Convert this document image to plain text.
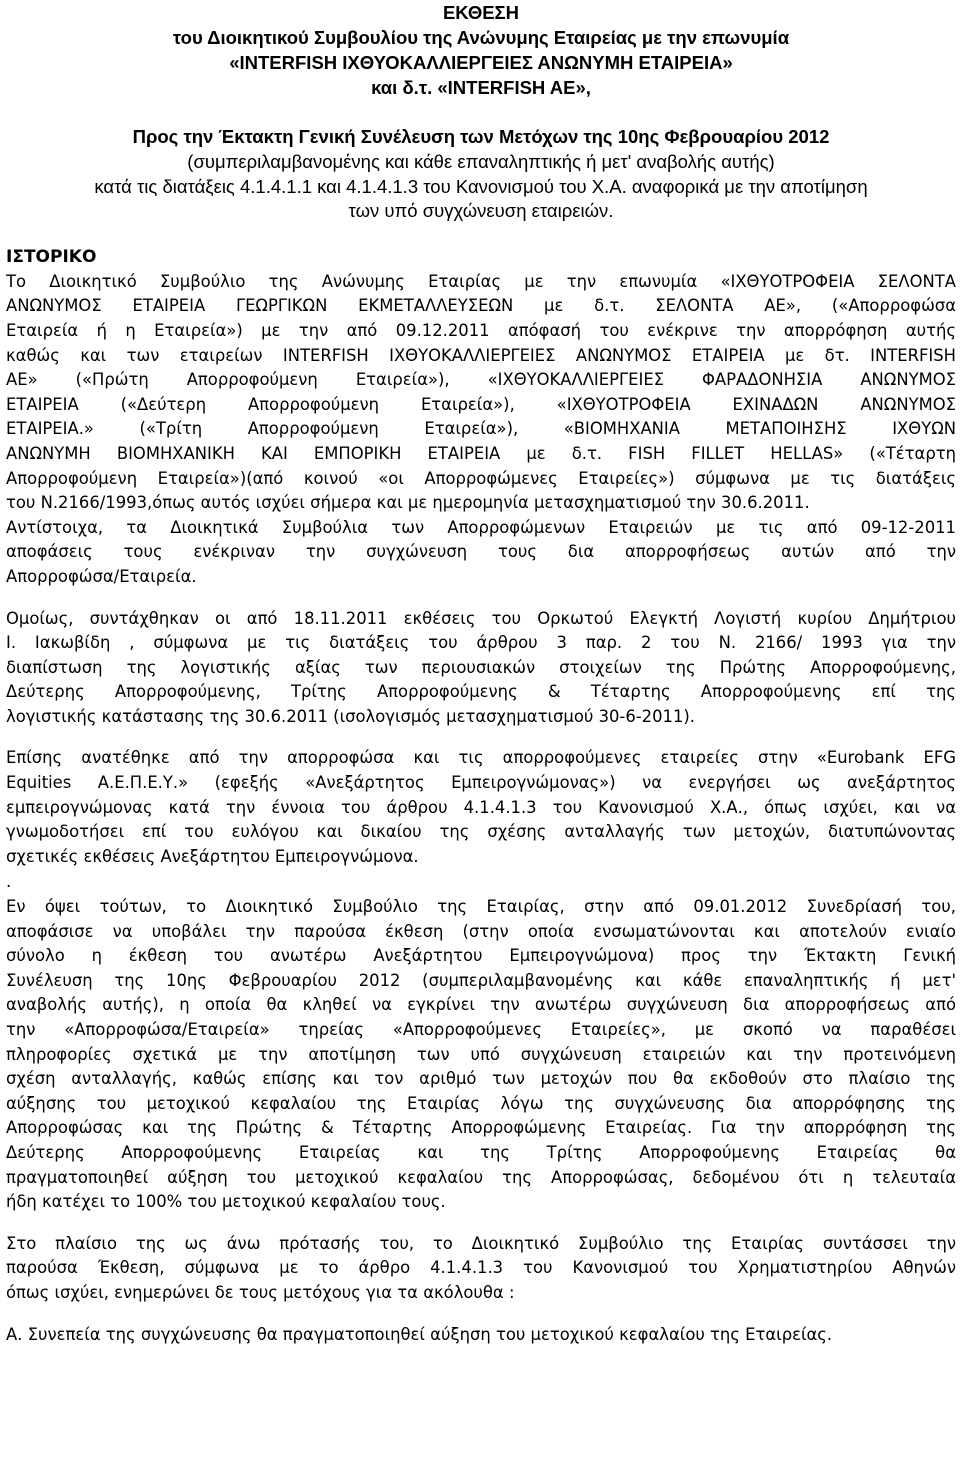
ΕΚΘΕΣΗ
του Διοικητικού Συμβουλίου της Ανώνυμης Εταιρείας με την επωνυμία
«INTERFISH ΙΧΘΥΟΚΑΛΛΙΕΡΓΕΙΕΣ ΑΝΩΝΥΜΗ ΕΤΑΙΡΕΙΑ»
και δ.τ. «INTERFISH AE»,
Προς την Έκτακτη Γενική Συνέλευση των Μετόχων της 10ης Φεβρουαρίου 2012
(συμπεριλαμβανομένης και κάθε επαναληπτικής ή μετ' αναβολής αυτής)
κατά τις διατάξεις 4.1.4.1.1 και 4.1.4.1.3 του Κανονισμού του Χ.Α. αναφορικά με την αποτίμηση
των υπό συγχώνευση εταιρειών.
ΙΣΤΟΡΙΚΟ
Το Διοικητικό Συμβούλιο της Ανώνυμης Εταιρίας με την επωνυμία «ΙΧΘΥΟΤΡΟΦΕΙΑ ΣΕΛΟΝΤΑ
ΑΝΩΝΥΜΟΣ ΕΤΑΙΡΕΙΑ ΓΕΩΡΓΙΚΩΝ ΕΚΜΕΤΑΛΛΕΥΣΕΩΝ με δ.τ. ΣΕΛΟΝΤΑ ΑΕ», («Απορροφώσα
Εταιρεία ή η Εταιρεία») με την από 09.12.2011 απόφασή του ενέκρινε την απορρόφηση αυτής
καθώς και των εταιρείων INTERFISH ΙΧΘΥΟΚΑΛΛΙΕΡΓΕΙΕΣ ΑΝΩΝΥΜΟΣ ΕΤΑΙΡΕΙΑ με δτ. INTERFISH
ΑΕ» («Πρώτη Απορροφούμενη Εταιρεία»), «ΙΧΘΥΟΚΑΛΛΙΕΡΓΕΙΕΣ ΦΑΡΑΔΟΝΗΣΙΑ ΑΝΩΝΥΜΟΣ
ΕΤΑΙΡΕΙΑ («Δεύτερη Απορροφούμενη Εταιρεία»), «ΙΧΘΥΟΤΡΟΦΕΙΑ ΕΧΙΝΑΔΩΝ ΑΝΩΝΥΜΟΣ
ΕΤΑΙΡΕΙΑ.» («Τρίτη Απορροφούμενη Εταιρεία»), «ΒΙΟΜΗΧΑΝΙΑ ΜΕΤΑΠΟΙΗΣΗΣ ΙΧΘΥΩΝ
ΑΝΩΝΥΜΗ ΒΙΟΜΗΧΑΝΙΚΗ ΚΑΙ ΕΜΠΟΡΙΚΗ ΕΤΑΙΡΕΙΑ με δ.τ. FISH FILLET HELLAS» («Τέταρτη
Απορροφούμενη Εταιρεία»)(από κοινού «οι Απορροφώμενες Εταιρείες») σύμφωνα με τις διατάξεις
του Ν.2166/1993,όπως αυτός ισχύει σήμερα και με ημερομηνία μετασχηματισμού την 30.6.2011.
Αντίστοιχα, τα Διοικητικά Συμβούλια των Απορροφώμενων Εταιρειών με τις από 09-12-2011
αποφάσεις τους ενέκριναν την συγχώνευση τους δια απορροφήσεως αυτών από την
Απορροφώσα/Εταιρεία.
Ομοίως, συντάχθηκαν οι από 18.11.2011 εκθέσεις του Ορκωτού Ελεγκτή Λογιστή κυρίου Δημήτριου
Ι. Ιακωβίδη , σύμφωνα με τις διατάξεις του άρθρου 3 παρ. 2 του Ν. 2166/ 1993 για την
διαπίστωση της λογιστικής αξίας των περιουσιακών στοιχείων της Πρώτης Απορροφούμενης,
Δεύτερης Απορροφούμενης, Τρίτης Απορροφούμενης & Τέταρτης Απορροφούμενης επί της
λογιστικής κατάστασης της 30.6.2011 (ισολογισμός μετασχηματισμού 30-6-2011).
Επίσης ανατέθηκε από την απορροφώσα και τις απορροφούμενες εταιρείες στην «Eurobank EFG
Equities Α.Ε.Π.Ε.Υ.» (εφεξής «Ανεξάρτητος Εμπειρογνώμονας») να ενεργήσει ως ανεξάρτητος
εμπειρογνώμονας κατά την έννοια του άρθρου 4.1.4.1.3 του Κανονισμού Χ.Α., όπως ισχύει, και να
γνωμοδοτήσει επί του ευλόγου και δικαίου της σχέσης ανταλλαγής των μετοχών, διατυπώνοντας
σχετικές εκθέσεις Ανεξάρτητου Εμπειρογνώμονα.
.
Εν όψει τούτων, το Διοικητικό Συμβούλιο της Εταιρίας, στην από 09.01.2012 Συνεδρίασή του,
αποφάσισε να υποβάλει την παρούσα έκθεση (στην οποία ενσωματώνονται και αποτελούν ενιαίο
σύνολο η έκθεση του ανωτέρω Ανεξάρτητου Εμπειρογνώμονα) προς την Έκτακτη Γενική
Συνέλευση της 10ης Φεβρουαρίου 2012 (συμπεριλαμβανομένης και κάθε επαναληπτικής ή μετ'
αναβολής αυτής), η οποία θα κληθεί να εγκρίνει την ανωτέρω συγχώνευση δια απορροφήσεως από
την «Απορροφώσα/Εταιρεία» τηρείας «Απορροφούμενες Εταιρείες», με σκοπό να παραθέσει
πληροφορίες σχετικά με την αποτίμηση των υπό συγχώνευση εταιρειών και την προτεινόμενη
σχέση ανταλλαγής, καθώς επίσης και τον αριθμό των μετοχών που θα εκδοθούν στο πλαίσιο της
αύξησης του μετοχικού κεφαλαίου της Εταιρίας λόγω της συγχώνευσης δια απορρόφησης της
Απορροφώσας και της Πρώτης & Τέταρτης Απορροφώμενης Εταιρείας. Για την απορρόφηση της
Δεύτερης Απορροφούμενης Εταιρείας και της Τρίτης Απορροφούμενης Εταιρείας θα
πραγματοποιηθεί αύξηση του μετοχικού κεφαλαίου της Απορροφώσας, δεδομένου ότι η τελευταία
ήδη κατέχει το 100% του μετοχικού κεφαλαίου τους.
Στο πλαίσιο της ως άνω πρότασής του, το Διοικητικό Συμβούλιο της Εταιρίας συντάσσει την
παρούσα Έκθεση, σύμφωνα με το άρθρο 4.1.4.1.3 του Κανονισμού του Χρηματιστηρίου Αθηνών
όπως ισχύει, ενημερώνει δε τους μετόχους για τα ακόλουθα :
Α. Συνεπεία της συγχώνευσης θα πραγματοποιηθεί αύξηση του μετοχικού κεφαλαίου της Εταιρείας.
